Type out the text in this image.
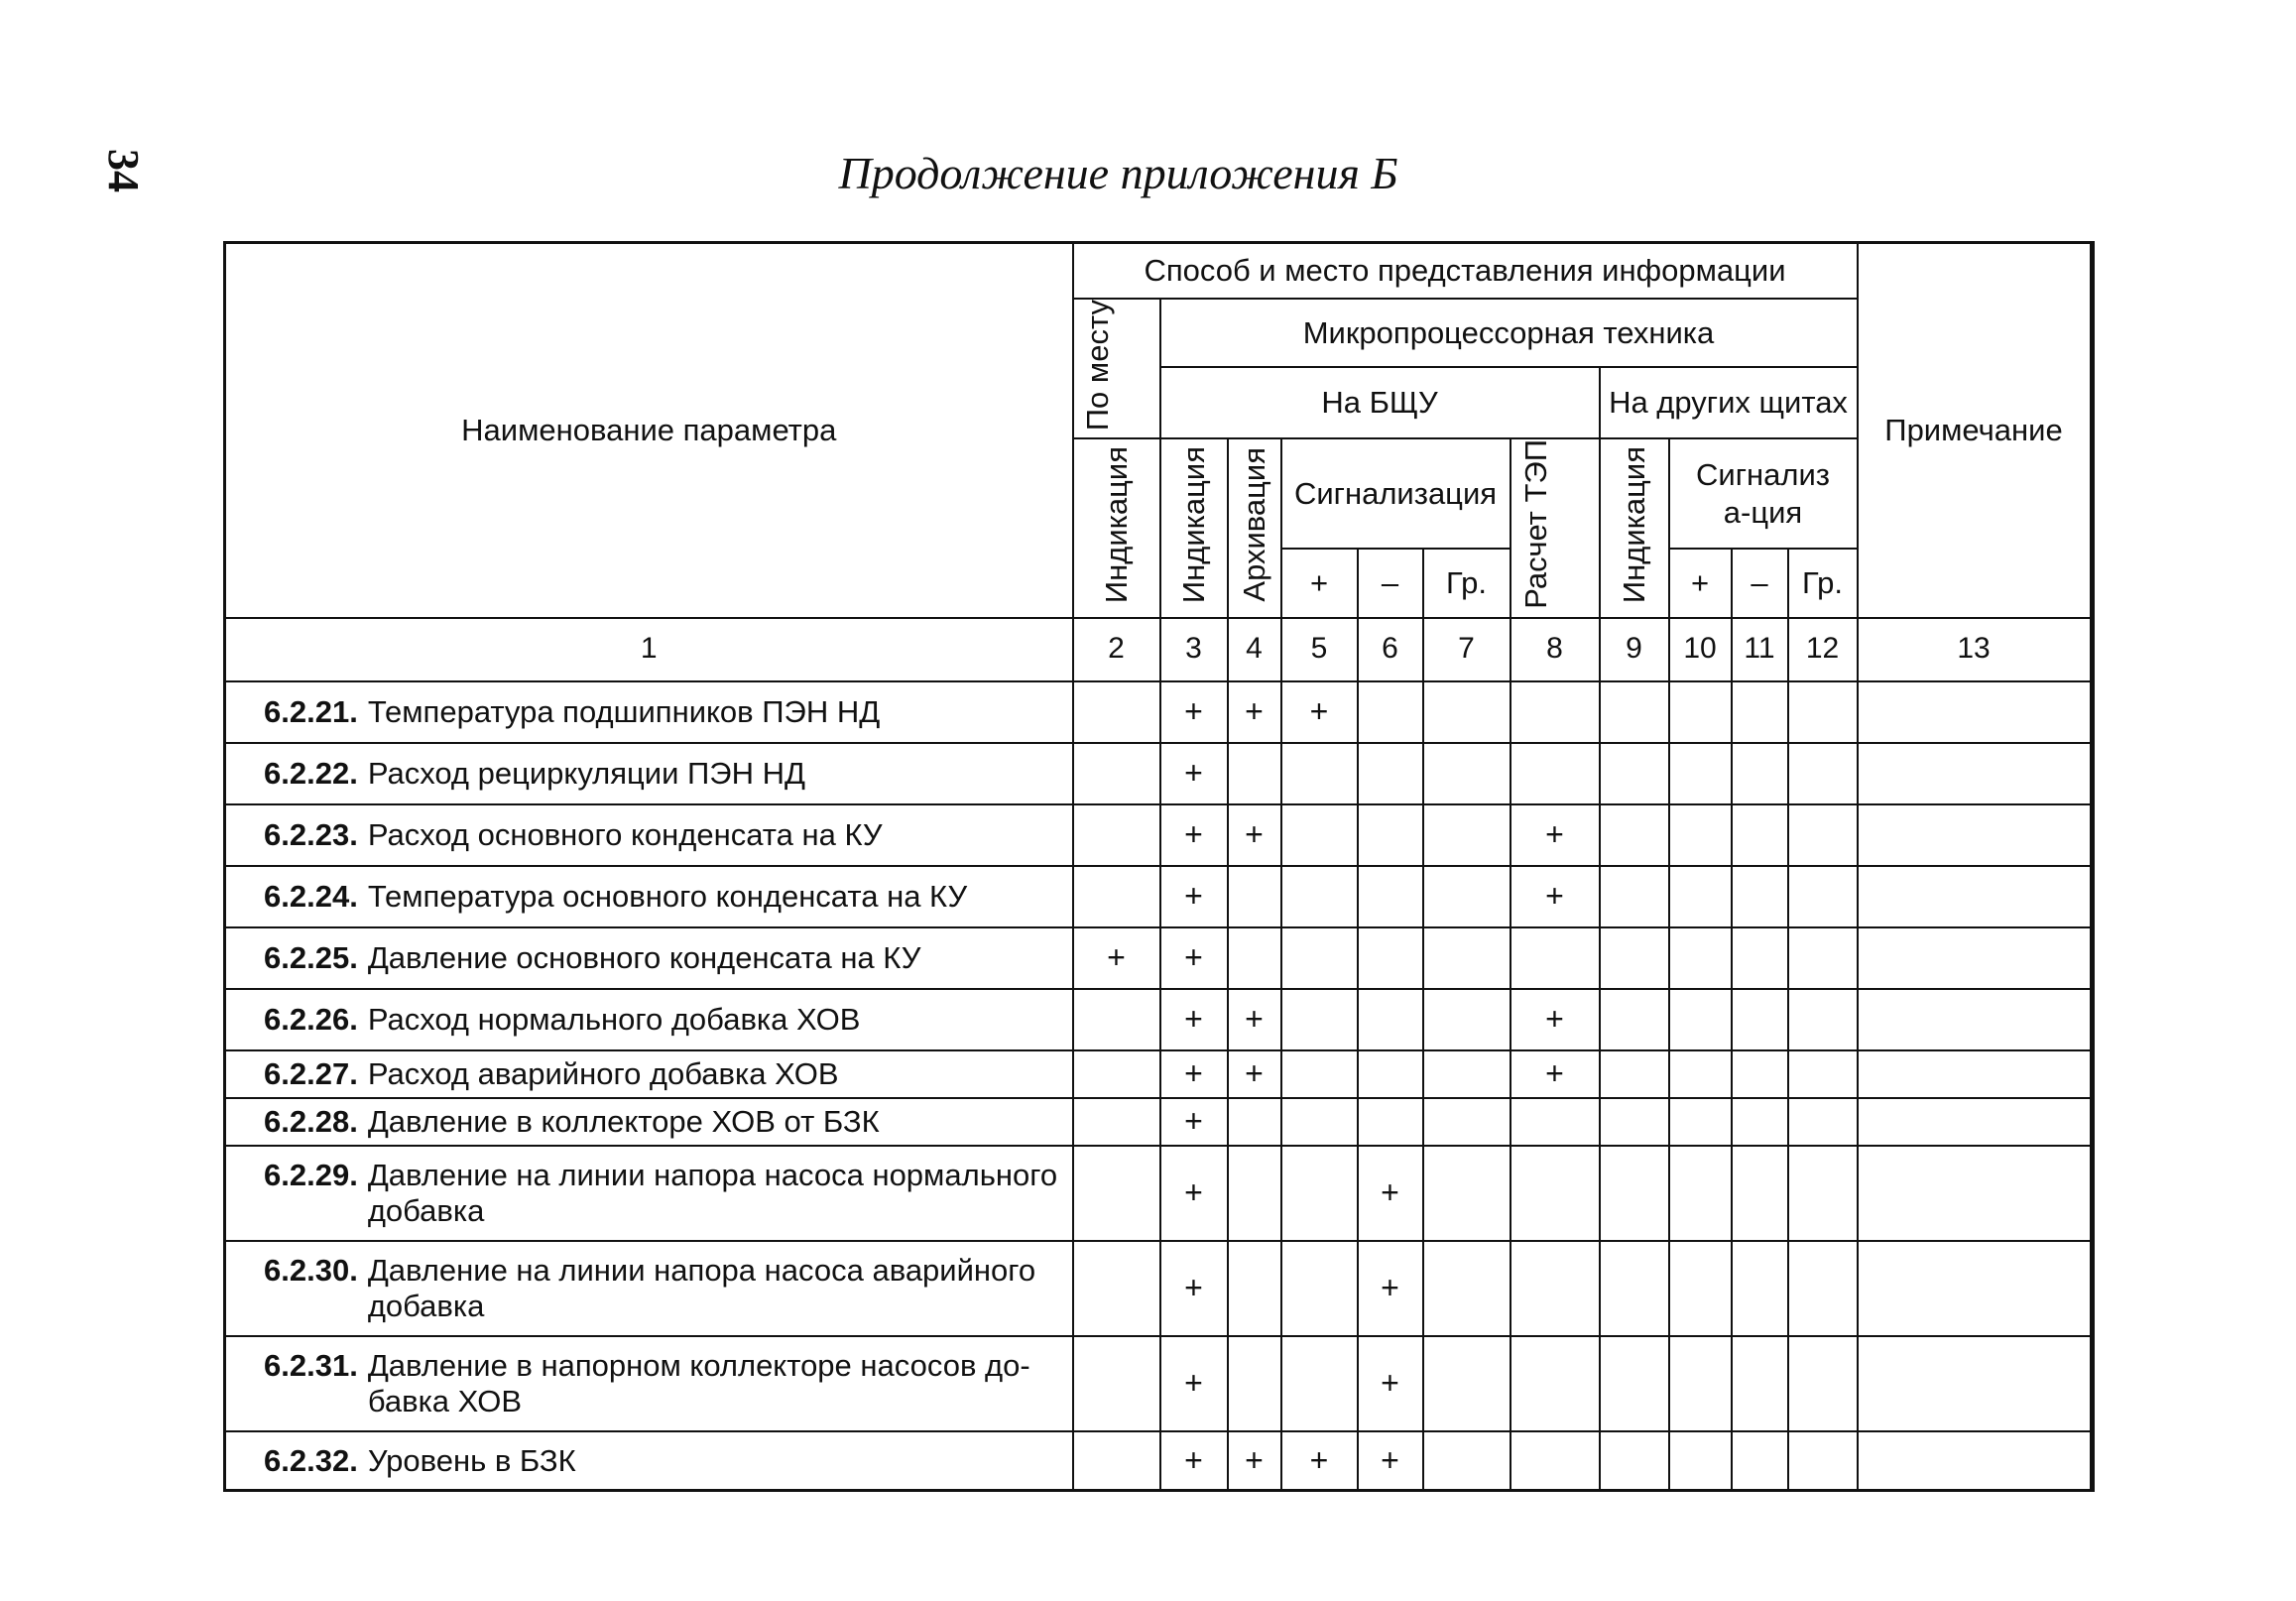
34	Продолжение приложения Б
Наименование параметра	Способ и место представления информации											Примечание	
	По месту	Микропроцессорная техника											
		На БЩУ						На других щитах					
	Индикация	Индикация	Архивация	Сигнализация			Расчет ТЭП	Индикация	Сигнализа-ция				

				+	–	Гр.			+	–	Гр.		
1	2	3	4	5	6	7	8	9	10	11	12	13	

6.2.21. Температура подшипников ПЭН НД		+	+	+									

6.2.22. Расход рециркуляции ПЭН НД		+											

6.2.23. Расход основного конденсата на КУ		+	+				+						

6.2.24. Температура основного конденсата на КУ		+					+						

6.2.25. Давление основного конденсата на КУ	+	+											

6.2.26. Расход нормального добавка ХОВ		+	+				+						

6.2.27. Расход аварийного добавка ХОВ		+	+				+						

6.2.28. Давление в коллекторе ХОВ от БЗК		+											

6.2.29. Давление на линии напора насоса нормального добавка		+			+								

6.2.30. Давление на линии напора насоса аварийного добавка		+			+								

6.2.31. Давление в напорном коллекторе насосов до-бавка ХОВ		+			+								

6.2.32. Уровень в БЗК		+	+	+	+								
